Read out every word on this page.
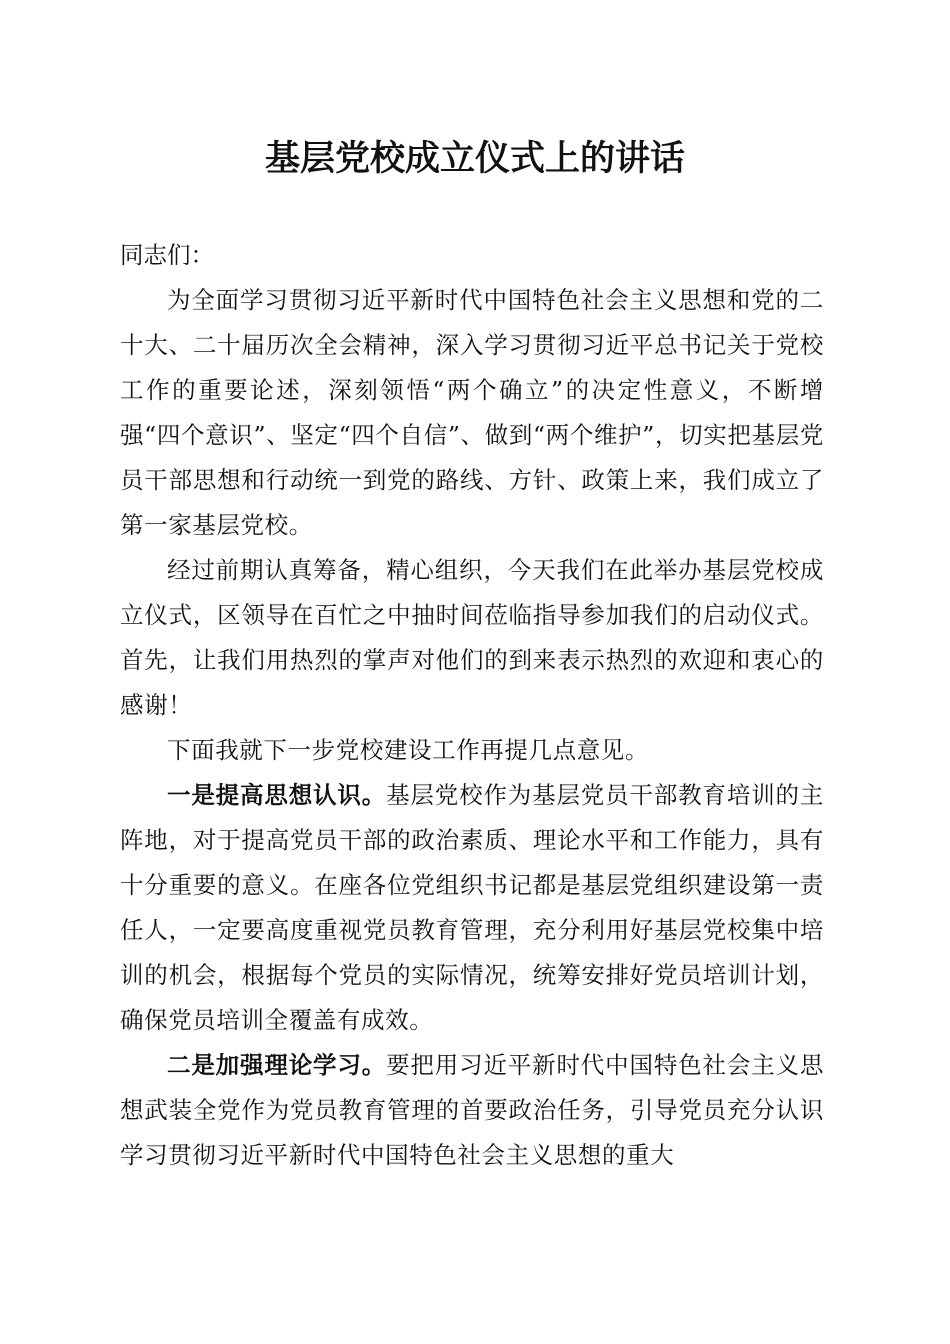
基层党校成立仪式上的讲话

同志们：

为全面学习贯彻习近平新时代中国特色社会主义思想和党的二十大、二十届历次全会精神，深入学习贯彻习近平总书记关于党校工作的重要论述，深刻领悟“两个确立”的决定性意义，不断增强“四个意识”、坚定“四个自信”、做到“两个维护”，切实把基层党员干部思想和行动统一到党的路线、方针、政策上来，我们成立了第一家基层党校。

经过前期认真筹备，精心组织，今天我们在此举办基层党校成立仪式，区领导在百忙之中抽时间莅临指导参加我们的启动仪式。首先，让我们用热烈的掌声对他们的到来表示热烈的欢迎和衷心的感谢！

下面我就下一步党校建设工作再提几点意见。

一是提高思想认识。基层党校作为基层党员干部教育培训的主阵地，对于提高党员干部的政治素质、理论水平和工作能力，具有十分重要的意义。在座各位党组织书记都是基层党组织建设第一责任人，一定要高度重视党员教育管理，充分利用好基层党校集中培训的机会，根据每个党员的实际情况，统筹安排好党员培训计划，确保党员培训全覆盖有成效。

二是加强理论学习。要把用习近平新时代中国特色社会主义思想武装全党作为党员教育管理的首要政治任务，引导党员充分认识学习贯彻习近平新时代中国特色社会主义思想的重大
